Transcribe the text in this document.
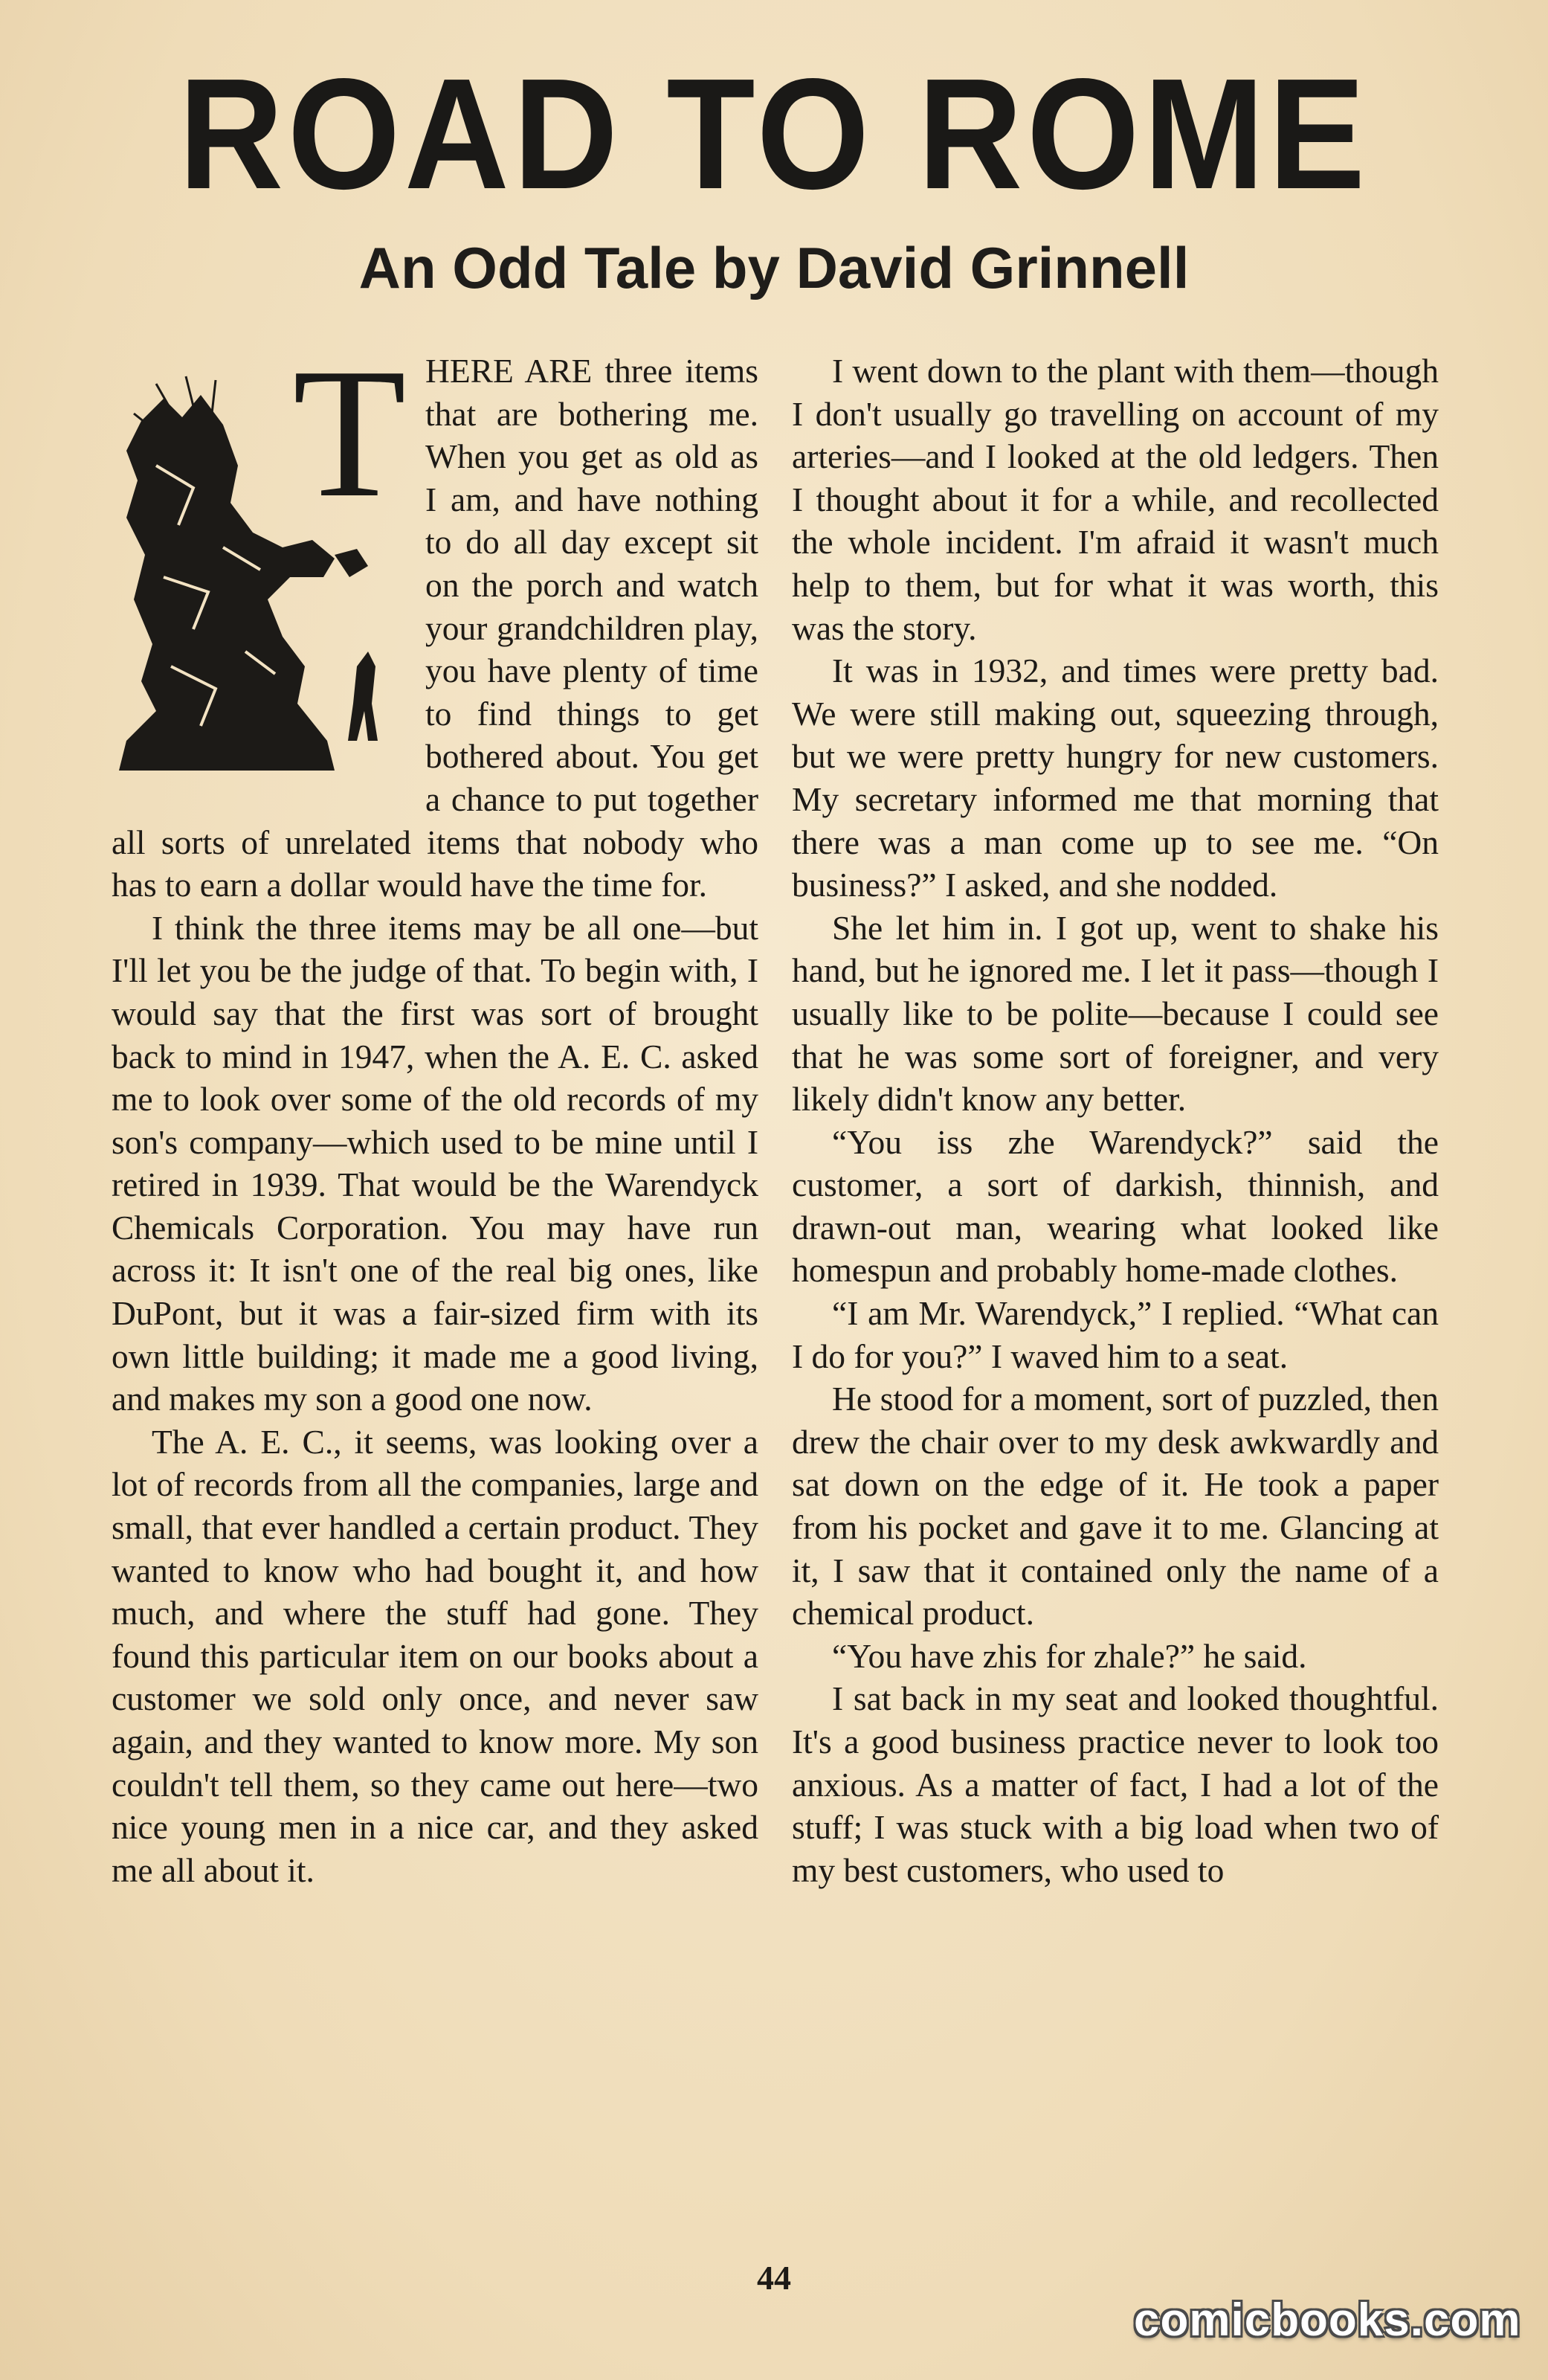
ROAD TO ROME
An Odd Tale by David Grinnell
T HERE ARE three items that are bothering me. When you get as old as I am, and have nothing to do all day except sit on the porch and watch your grandchildren play, you have plenty of time to find things to get bothered about. You get a chance to put together all sorts of unrelated items that nobody who has to earn a dollar would have the time for.

I think the three items may be all one—but I'll let you be the judge of that. To begin with, I would say that the first was sort of brought back to mind in 1947, when the A. E. C. asked me to look over some of the old records of my son's company—which used to be mine until I retired in 1939. That would be the Warendyck Chemicals Corporation. You may have run across it: It isn't one of the real big ones, like DuPont, but it was a fair-sized firm with its own little building; it made me a good living, and makes my son a good one now.

The A. E. C., it seems, was looking over a lot of records from all the companies, large and small, that ever handled a certain product. They wanted to know who had bought it, and how much, and where the stuff had gone. They found this particular item on our books about a customer we sold only once, and never saw again, and they wanted to know more. My son couldn't tell them, so they came out here—two nice young men in a nice car, and they asked me all about it.

I went down to the plant with them—though I don't usually go travelling on account of my arteries—and I looked at the old ledgers. Then I thought about it for a while, and recollected the whole incident. I'm afraid it wasn't much help to them, but for what it was worth, this was the story.

It was in 1932, and times were pretty bad. We were still making out, squeezing through, but we were pretty hungry for new customers. My secretary informed me that morning that there was a man come up to see me. “On business?” I asked, and she nodded.

She let him in. I got up, went to shake his hand, but he ignored me. I let it pass—though I usually like to be polite—because I could see that he was some sort of foreigner, and very likely didn't know any better.

“You iss zhe Warendyck?” said the customer, a sort of darkish, thinnish, and drawn-out man, wearing what looked like homespun and probably home-made clothes.

“I am Mr. Warendyck,” I replied. “What can I do for you?” I waved him to a seat.

He stood for a moment, sort of puzzled, then drew the chair over to my desk awkwardly and sat down on the edge of it. He took a paper from his pocket and gave it to me. Glancing at it, I saw that it contained only the name of a chemical product.

“You have zhis for zhale?” he said.

I sat back in my seat and looked thoughtful. It's a good business practice never to look too anxious. As a matter of fact, I had a lot of the stuff; I was stuck with a big load when two of my best customers, who used to

44
comicbooks.com
